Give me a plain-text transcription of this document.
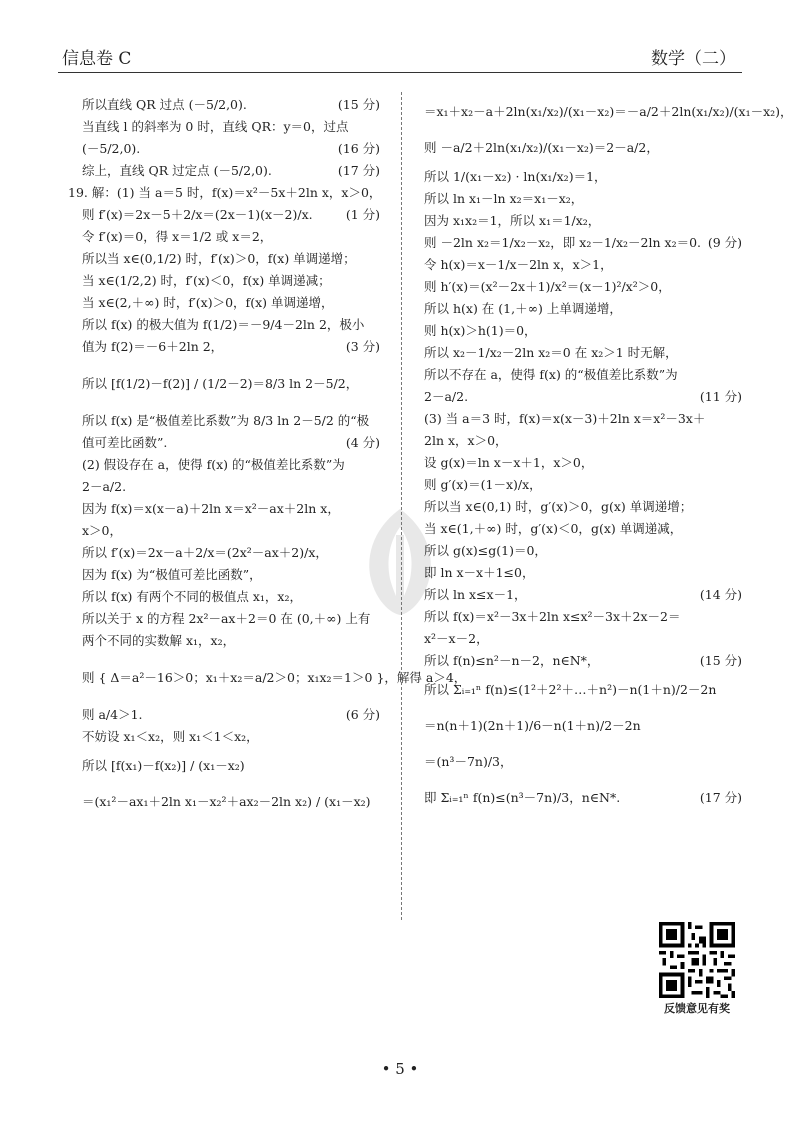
信息卷 C	数学（二）
所以直线 QR 过点 (－5/2,0).	(15 分)
当直线 l 的斜率为 0 时，直线 QR：y＝0，过点
(－5/2,0).	(16 分)
综上，直线 QR 过定点 (－5/2,0).	(17 分)
19. 解：(1) 当 a＝5 时，f(x)＝x²－5x＋2ln x，x＞0，
则 f′(x)＝2x－5＋2/x＝(2x－1)(x－2)/x.	(1 分)
令 f′(x)＝0，得 x＝1/2 或 x＝2，
所以当 x∈(0,1/2) 时，f′(x)＞0，f(x) 单调递增；
当 x∈(1/2,2) 时，f′(x)＜0，f(x) 单调递减；
当 x∈(2,＋∞) 时，f′(x)＞0，f(x) 单调递增，
所以 f(x) 的极大值为 f(1/2)＝－9/4－2ln 2，极小
值为 f(2)＝－6＋2ln 2，	(3 分)
所以 [f(1/2)－f(2)] / (1/2－2)＝8/3 ln 2－5/2，
所以 f(x) 是“极值差比系数”为 8/3 ln 2－5/2 的“极
值可差比函数”.	(4 分)
(2) 假设存在 a，使得 f(x) 的“极值差比系数”为
2－a/2.
因为 f(x)＝x(x－a)＋2ln x＝x²－ax＋2ln x，
x＞0，
所以 f′(x)＝2x－a＋2/x＝(2x²－ax＋2)/x，
因为 f(x) 为“极值可差比函数”，
所以 f(x) 有两个不同的极值点 x₁，x₂，
所以关于 x 的方程 2x²－ax＋2＝0 在 (0,＋∞) 上有
两个不同的实数解 x₁，x₂，
则 { Δ＝a²－16＞0；x₁＋x₂＝a/2＞0；x₁x₂＝1＞0 }，解得 a＞4，
则 a/4＞1.	(6 分)
不妨设 x₁＜x₂，则 x₁＜1＜x₂，
所以 [f(x₁)－f(x₂)] / (x₁－x₂)
＝(x₁²－ax₁＋2ln x₁－x₂²＋ax₂－2ln x₂) / (x₁－x₂)
＝x₁＋x₂－a＋2ln(x₁/x₂)/(x₁－x₂)＝－a/2＋2ln(x₁/x₂)/(x₁－x₂)，
则 －a/2＋2ln(x₁/x₂)/(x₁－x₂)＝2－a/2，
所以 1/(x₁－x₂) · ln(x₁/x₂)＝1，
所以 ln x₁－ln x₂＝x₁－x₂，
因为 x₁x₂＝1，所以 x₁＝1/x₂，
则 －2ln x₂＝1/x₂－x₂，即 x₂－1/x₂－2ln x₂＝0. (9 分)
令 h(x)＝x－1/x－2ln x，x＞1，
则 h′(x)＝(x²－2x＋1)/x²＝(x－1)²/x²＞0，
所以 h(x) 在 (1,＋∞) 上单调递增，
则 h(x)＞h(1)＝0，
所以 x₂－1/x₂－2ln x₂＝0 在 x₂＞1 时无解，
所以不存在 a，使得 f(x) 的“极值差比系数”为
2－a/2.	(11 分)
(3) 当 a＝3 时，f(x)＝x(x－3)＋2ln x＝x²－3x＋
2ln x，x＞0，
设 g(x)＝ln x－x＋1，x＞0，
则 g′(x)＝(1－x)/x，
所以当 x∈(0,1) 时，g′(x)＞0，g(x) 单调递增；
当 x∈(1,＋∞) 时，g′(x)＜0，g(x) 单调递减，
所以 g(x)≤g(1)＝0，
即 ln x－x＋1≤0，
所以 ln x≤x－1，	(14 分)
所以 f(x)＝x²－3x＋2ln x≤x²－3x＋2x－2＝
x²－x－2，
所以 f(n)≤n²－n－2，n∈N*，	(15 分)
所以 Σᵢ₌₁ⁿ f(n)≤(1²＋2²＋…＋n²)－n(1＋n)/2－2n
＝n(n＋1)(2n＋1)/6－n(1＋n)/2－2n
＝(n³－7n)/3，
即 Σᵢ₌₁ⁿ f(n)≤(n³－7n)/3，n∈N*.	(17 分)
反馈意见有奖
• 5 •
